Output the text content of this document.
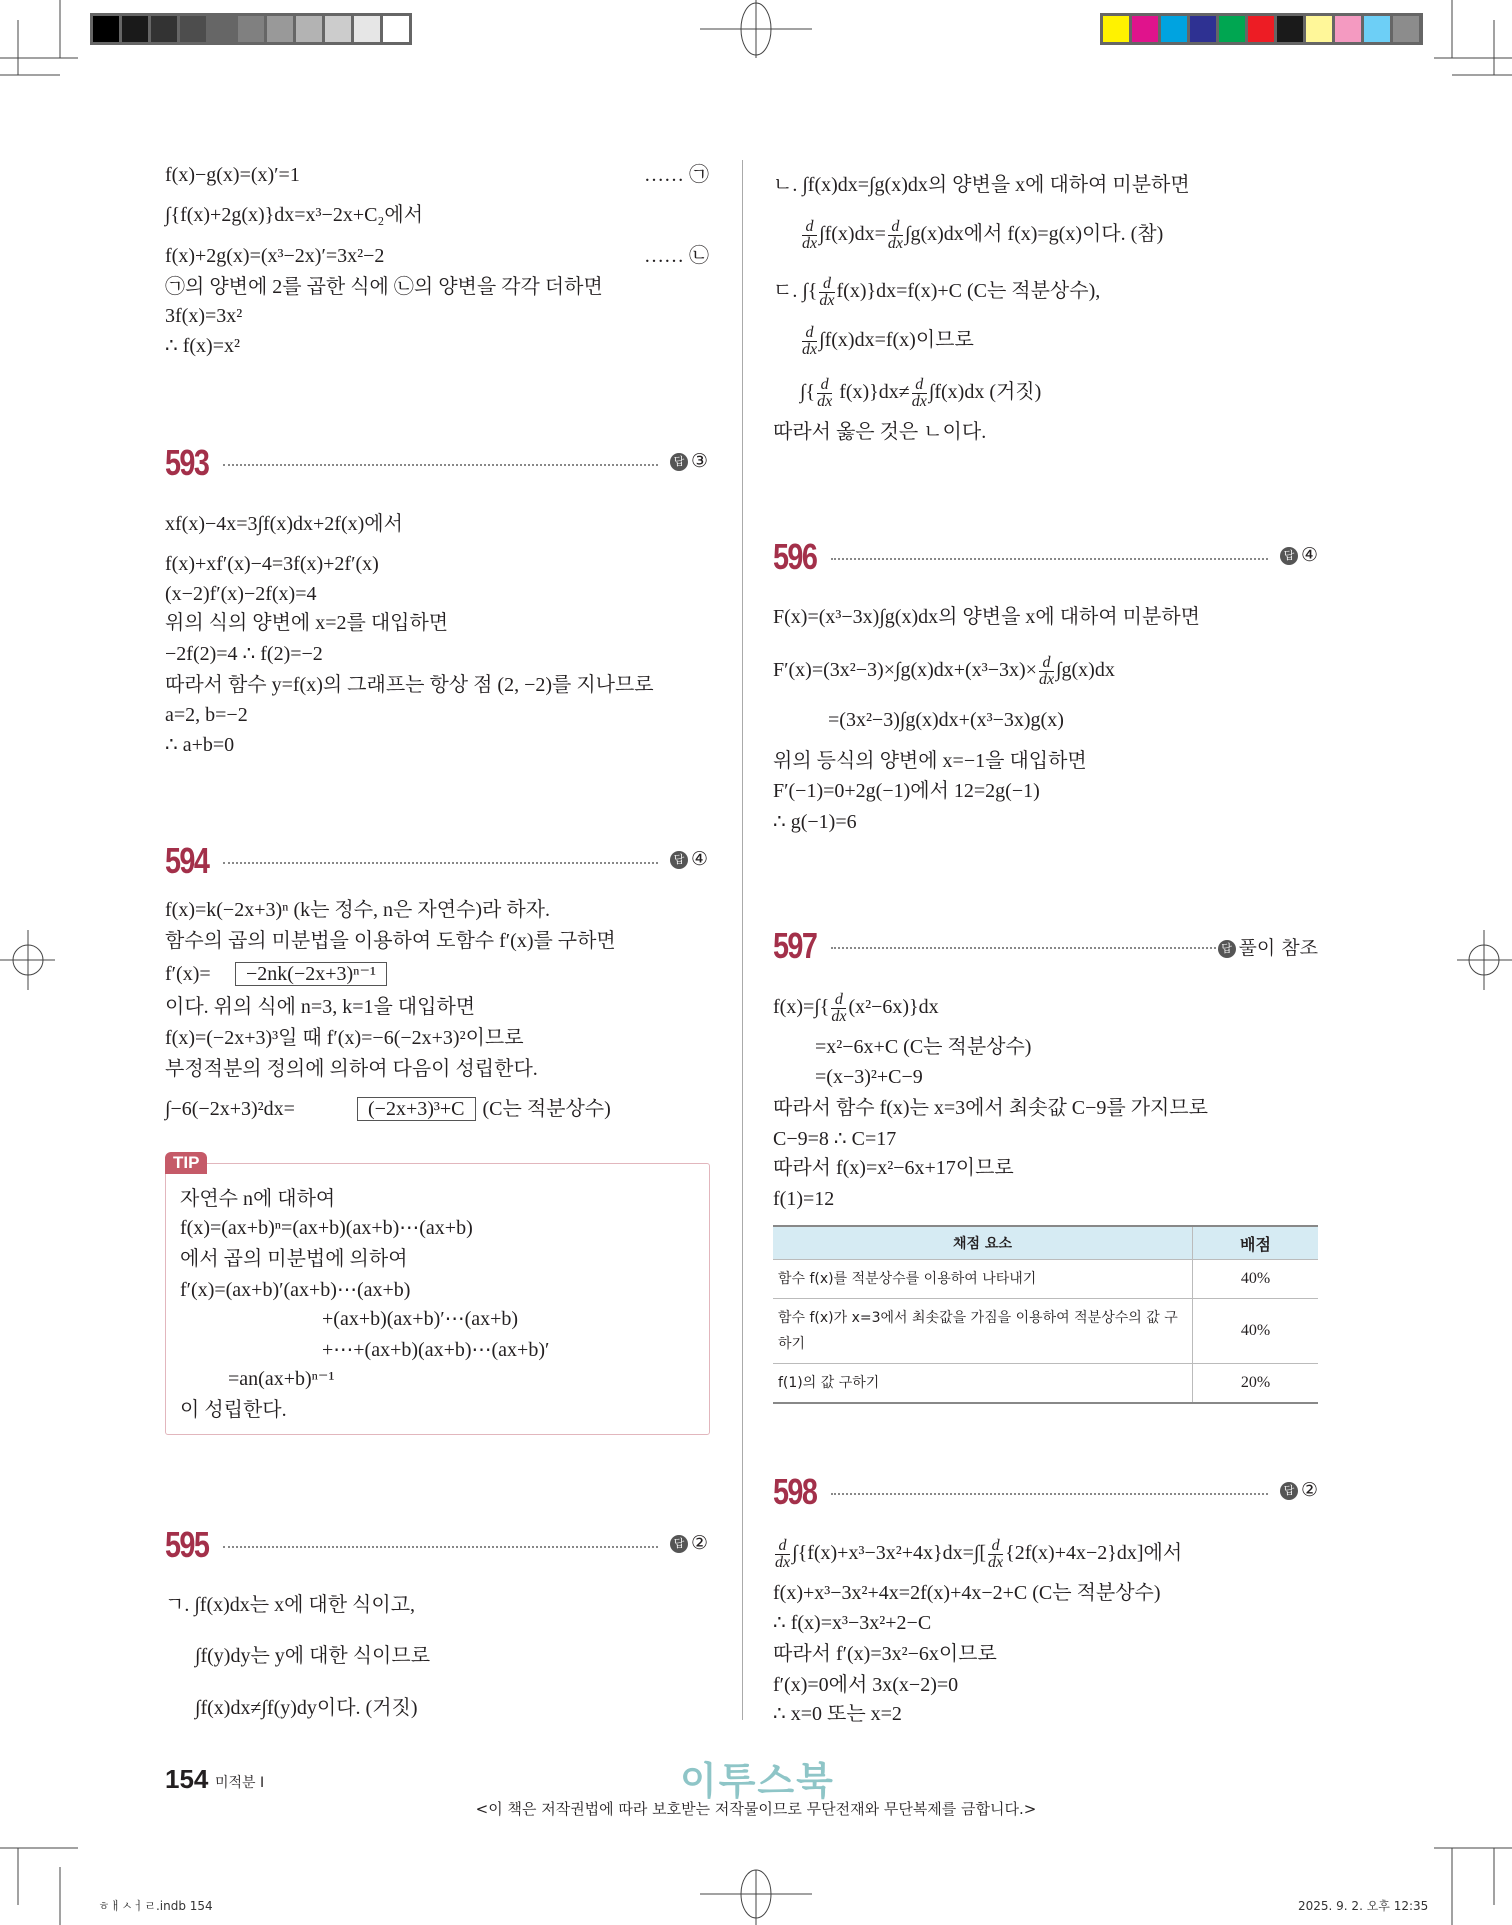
f(x)−g(x)=(x)′=1
∫{f(x)+2g(x)}dx=x³−2x+C₂에서
f(x)+2g(x)=(x³−2x)′=3x²−2
㉠의 양변에 2를 곱한 식에 ㉡의 양변을 각각 더하면
3f(x)=3x²
∴ f(x)=x²
…… ㉠
…… ㉡
593	답 ③
xf(x)−4x=3∫f(x)dx+2f(x)에서
f(x)+xf′(x)−4=3f(x)+2f′(x)
(x−2)f′(x)−2f(x)=4
위의 식의 양변에 x=2를 대입하면
−2f(2)=4 ∴ f(2)=−2
따라서 함수 y=f(x)의 그래프는 항상 점 (2, −2)를 지나므로
a=2, b=−2
∴ a+b=0
594	답 ④
f(x)=k(−2x+3)ⁿ (k는 정수, n은 자연수)라 하자.
함수의 곱의 미분법을 이용하여 도함수 f′(x)를 구하면
f′(x)=
이다. 위의 식에 n=3, k=1을 대입하면
f(x)=(−2x+3)³일 때 f′(x)=−6(−2x+3)²이므로
부정적분의 정의에 의하여 다음이 성립한다.
∫−6(−2x+3)²dx=
−2nk(−2x+3)ⁿ⁻¹
(−2x+3)³+C (C는 적분상수)
자연수 n에 대하여
f(x)=(ax+b)ⁿ=(ax+b)(ax+b)⋯(ax+b)
에서 곱의 미분법에 의하여
f′(x)=(ax+b)′(ax+b)⋯(ax+b)
+(ax+b)(ax+b)′⋯(ax+b)
+⋯+(ax+b)(ax+b)⋯(ax+b)′
=an(ax+b)ⁿ⁻¹
이 성립한다.
595	답 ②
ㄱ. ∫f(x)dx는 x에 대한 식이고,
∫f(y)dy는 y에 대한 식이므로
∫f(x)dx≠∫f(y)dy이다. (거짓)
ㄴ. ∫f(x)dx=∫g(x)dx의 양변을 x에 대하여 미분하면
$\frac{d}{dx} \int f(x)dx= \frac{d}{dx} \int g(x)dx$에서 f(x)=g(x)이다. (참)
ㄷ. ∫{ $\frac{d}{dx} f(x)\}dx=f(x)+C$ (C는 적분상수),
$\frac{d}{dx} \int f(x)dx=f(x)$이므로
∫{ $\frac{d}{dx} f(x)\}dx\ne \frac{d}{dx} \int f(x)dx$ (거짓)
따라서 옳은 것은 ㄴ이다.
596	답 ④
F(x)=(x³−3x)∫g(x)dx의 양변을 x에 대하여 미분하면
$F'(x)=(3x^2-3)\times\int g(x)dx+(x^3-3x)\times \frac{d}{dx} \int g(x)dx$
=(3x²−3)∫g(x)dx+(x³−3x)g(x)
위의 등식의 양변에 x=−1을 대입하면
F′(−1)=0+2g(−1)에서 12=2g(−1)
∴ g(−1)=6
597	답 풀이 참조
$f(x)=\int\{ \frac{d}{dx} (x^2-6x)\}dx$
=x²−6x+C (C는 적분상수)
=(x−3)²+C−9
따라서 함수 f(x)는 x=3에서 최솟값 C−9를 가지므로
C−9=8 ∴ C=17
따라서 f(x)=x²−6x+17이므로
f(1)=12
598	답 ②
$\frac{d}{dx} \int\{f(x)+x^3-3x^2+4x\}dx=\int[ \frac{d}{dx} \{2f(x)+4x-2\}dx]$에서
f(x)+x³−3x²+4x=2f(x)+4x−2+C (C는 적분상수)
∴ f(x)=x³−3x²+2−C
따라서 f′(x)=3x²−6x이므로
f′(x)=0에서 3x(x−2)=0
∴ x=0 또는 x=2
TIP
채점 요소	배점
함수 f(x)를 적분상수를 이용하여 나타내기	40%
함수 f(x)가 x=3에서 최솟값을 가짐을 이용하여 적분상수의 값 구하기	40%
f(1)의 값 구하기	20%
154 미적분 I	이투스북
<이 책은 저작권법에 따라 보호받는 저작물이므로 무단전재와 무단복제를 금합니다.>
ㅎㅐㅅㅓㄹ.indb 154	2025. 9. 2. 오후 12:35
